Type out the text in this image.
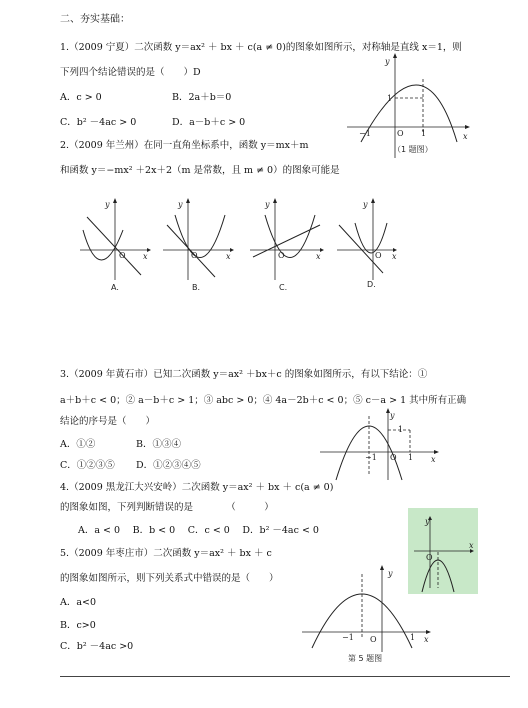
二、夯实基础：
1.（2009 宁夏）二次函数 y＝ax² ＋ bx ＋ c(a ≠ 0)的图象如图所示，对称轴是直线 x＝1，则
下列四个结论错误的是（　　）D
A．c > 0	B．2a＋b＝0
C．b² －4ac > 0	D．a－b＋c > 0
y
x
1
−1	O 1
（1 题图）
2.（2009 年兰州）在同一直角坐标系中，函数 y＝mx＋m
和函数 y＝−mx² ＋2x＋2（m 是常数，且 m ≠ 0）的图象可能是
y
O x
A.
y
O	x
B.
y
O	x
C.
y
O x
D.
3.（2009 年黄石市）已知二次函数 y＝ax² ＋bx＋c 的图象如图所示，有以下结论：①
a＋b＋c < 0；② a－b＋c > 1；③ abc > 0；④ 4a－2b＋c < 0；⑤ c－a > 1 其中所有正确
结论的序号是（　　）
A．①②	B．①③④
C．①②③⑤ D．①②③④⑤
y
x
1
−1 O 1
4.（2009 黑龙江大兴安岭）二次函数 y＝ax² ＋ bx ＋ c(a ≠ 0)
的图象如图，下列判断错误的是　　　　（　　　）
A．a < 0　 B．b < 0　 C．c < 0　 D．b² －4ac < 0
y
O
x
5.（2009 年枣庄市）二次函数 y＝ax² ＋ bx ＋ c
的图象如图所示，则下列关系式中错误的是（　　）
A．a<0
B．c>0
C．b² －4ac >0
y
x
−1 O	1
第 5 题图
